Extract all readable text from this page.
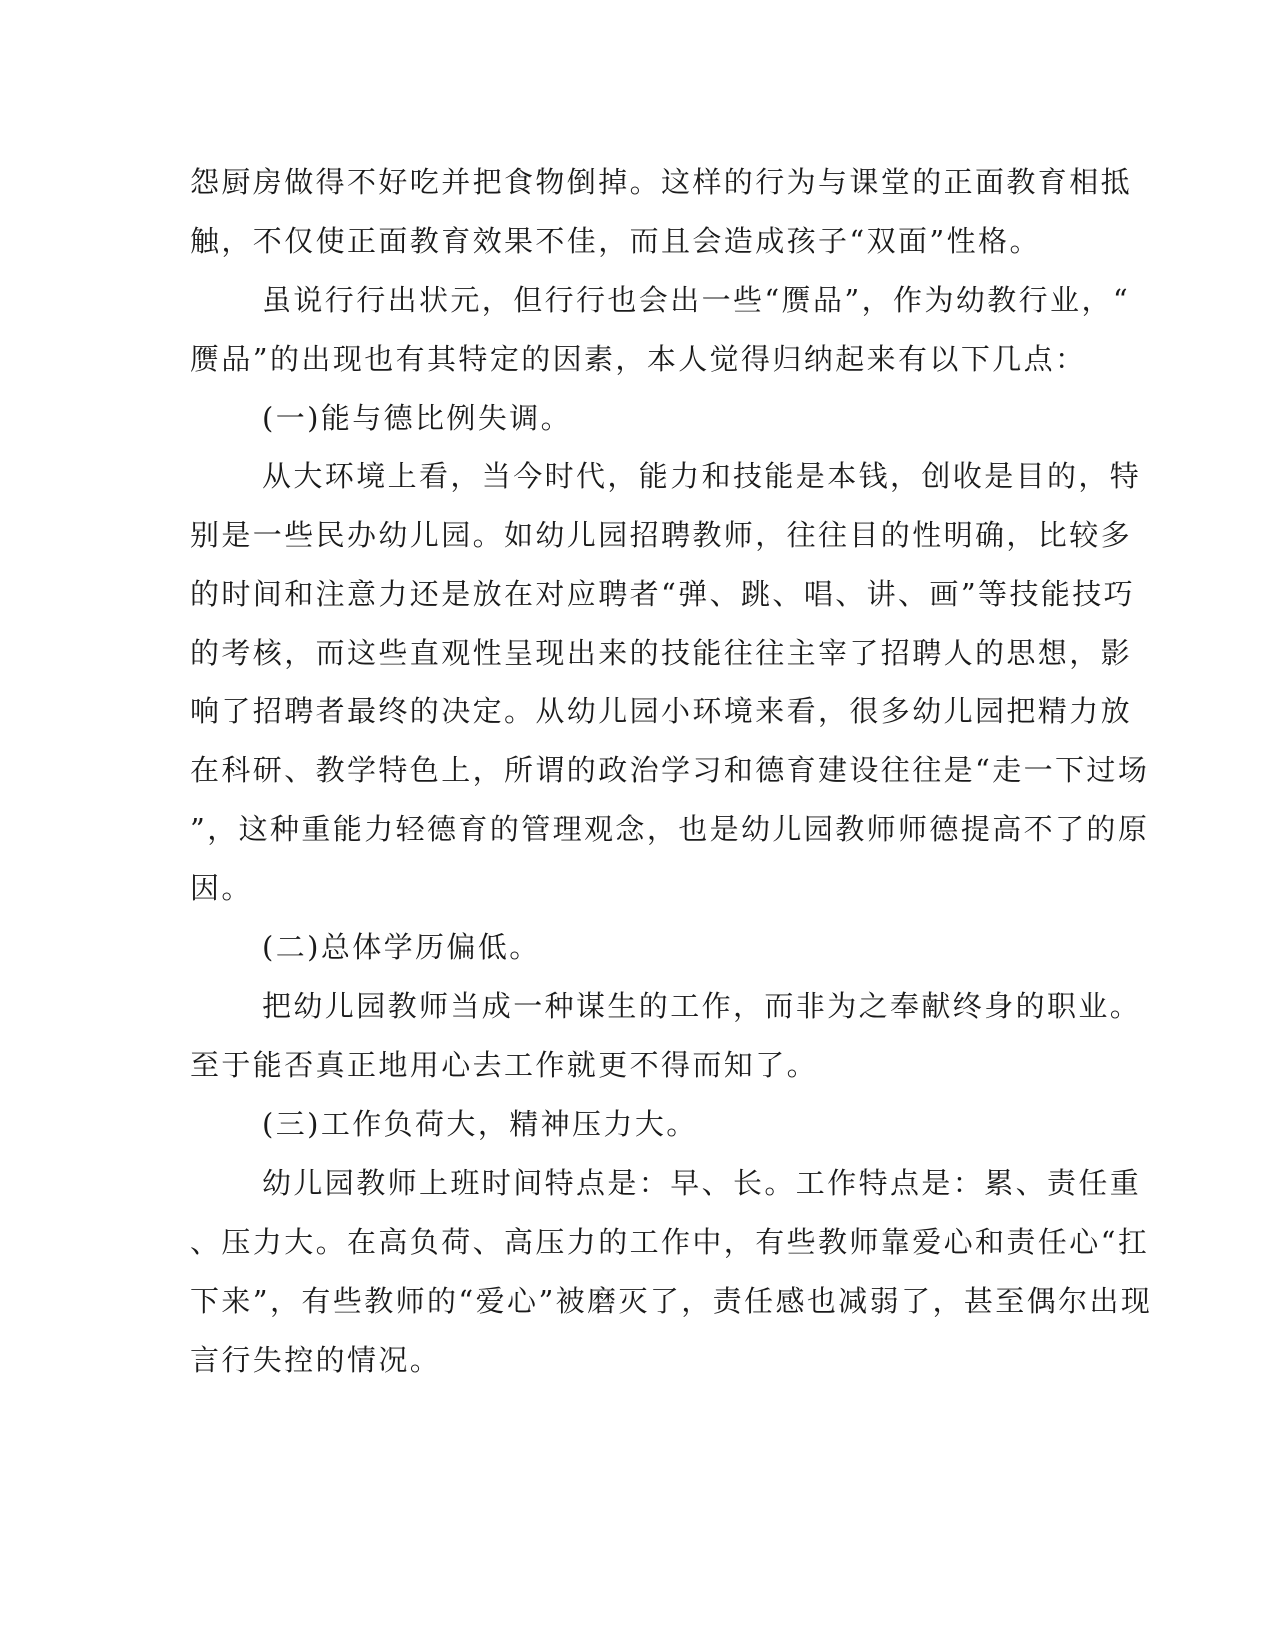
怨厨房做得不好吃并把食物倒掉。这样的行为与课堂的正面教育相抵
触，不仅使正面教育效果不佳，而且会造成孩子“双面”性格。
虽说行行出状元，但行行也会出一些“赝品”，作为幼教行业，“
赝品”的出现也有其特定的因素，本人觉得归纳起来有以下几点：
(一)能与德比例失调。
从大环境上看，当今时代，能力和技能是本钱，创收是目的，特
别是一些民办幼儿园。如幼儿园招聘教师，往往目的性明确，比较多
的时间和注意力还是放在对应聘者“弹、跳、唱、讲、画”等技能技巧
的考核，而这些直观性呈现出来的技能往往主宰了招聘人的思想，影
响了招聘者最终的决定。从幼儿园小环境来看，很多幼儿园把精力放
在科研、教学特色上，所谓的政治学习和德育建设往往是“走一下过场
”，这种重能力轻德育的管理观念，也是幼儿园教师师德提高不了的原
因。
(二)总体学历偏低。
把幼儿园教师当成一种谋生的工作，而非为之奉献终身的职业。
至于能否真正地用心去工作就更不得而知了。
(三)工作负荷大，精神压力大。
幼儿园教师上班时间特点是：早、长。工作特点是：累、责任重
、压力大。在高负荷、高压力的工作中，有些教师靠爱心和责任心“扛
下来”，有些教师的“爱心”被磨灭了，责任感也减弱了，甚至偶尔出现
言行失控的情况。
